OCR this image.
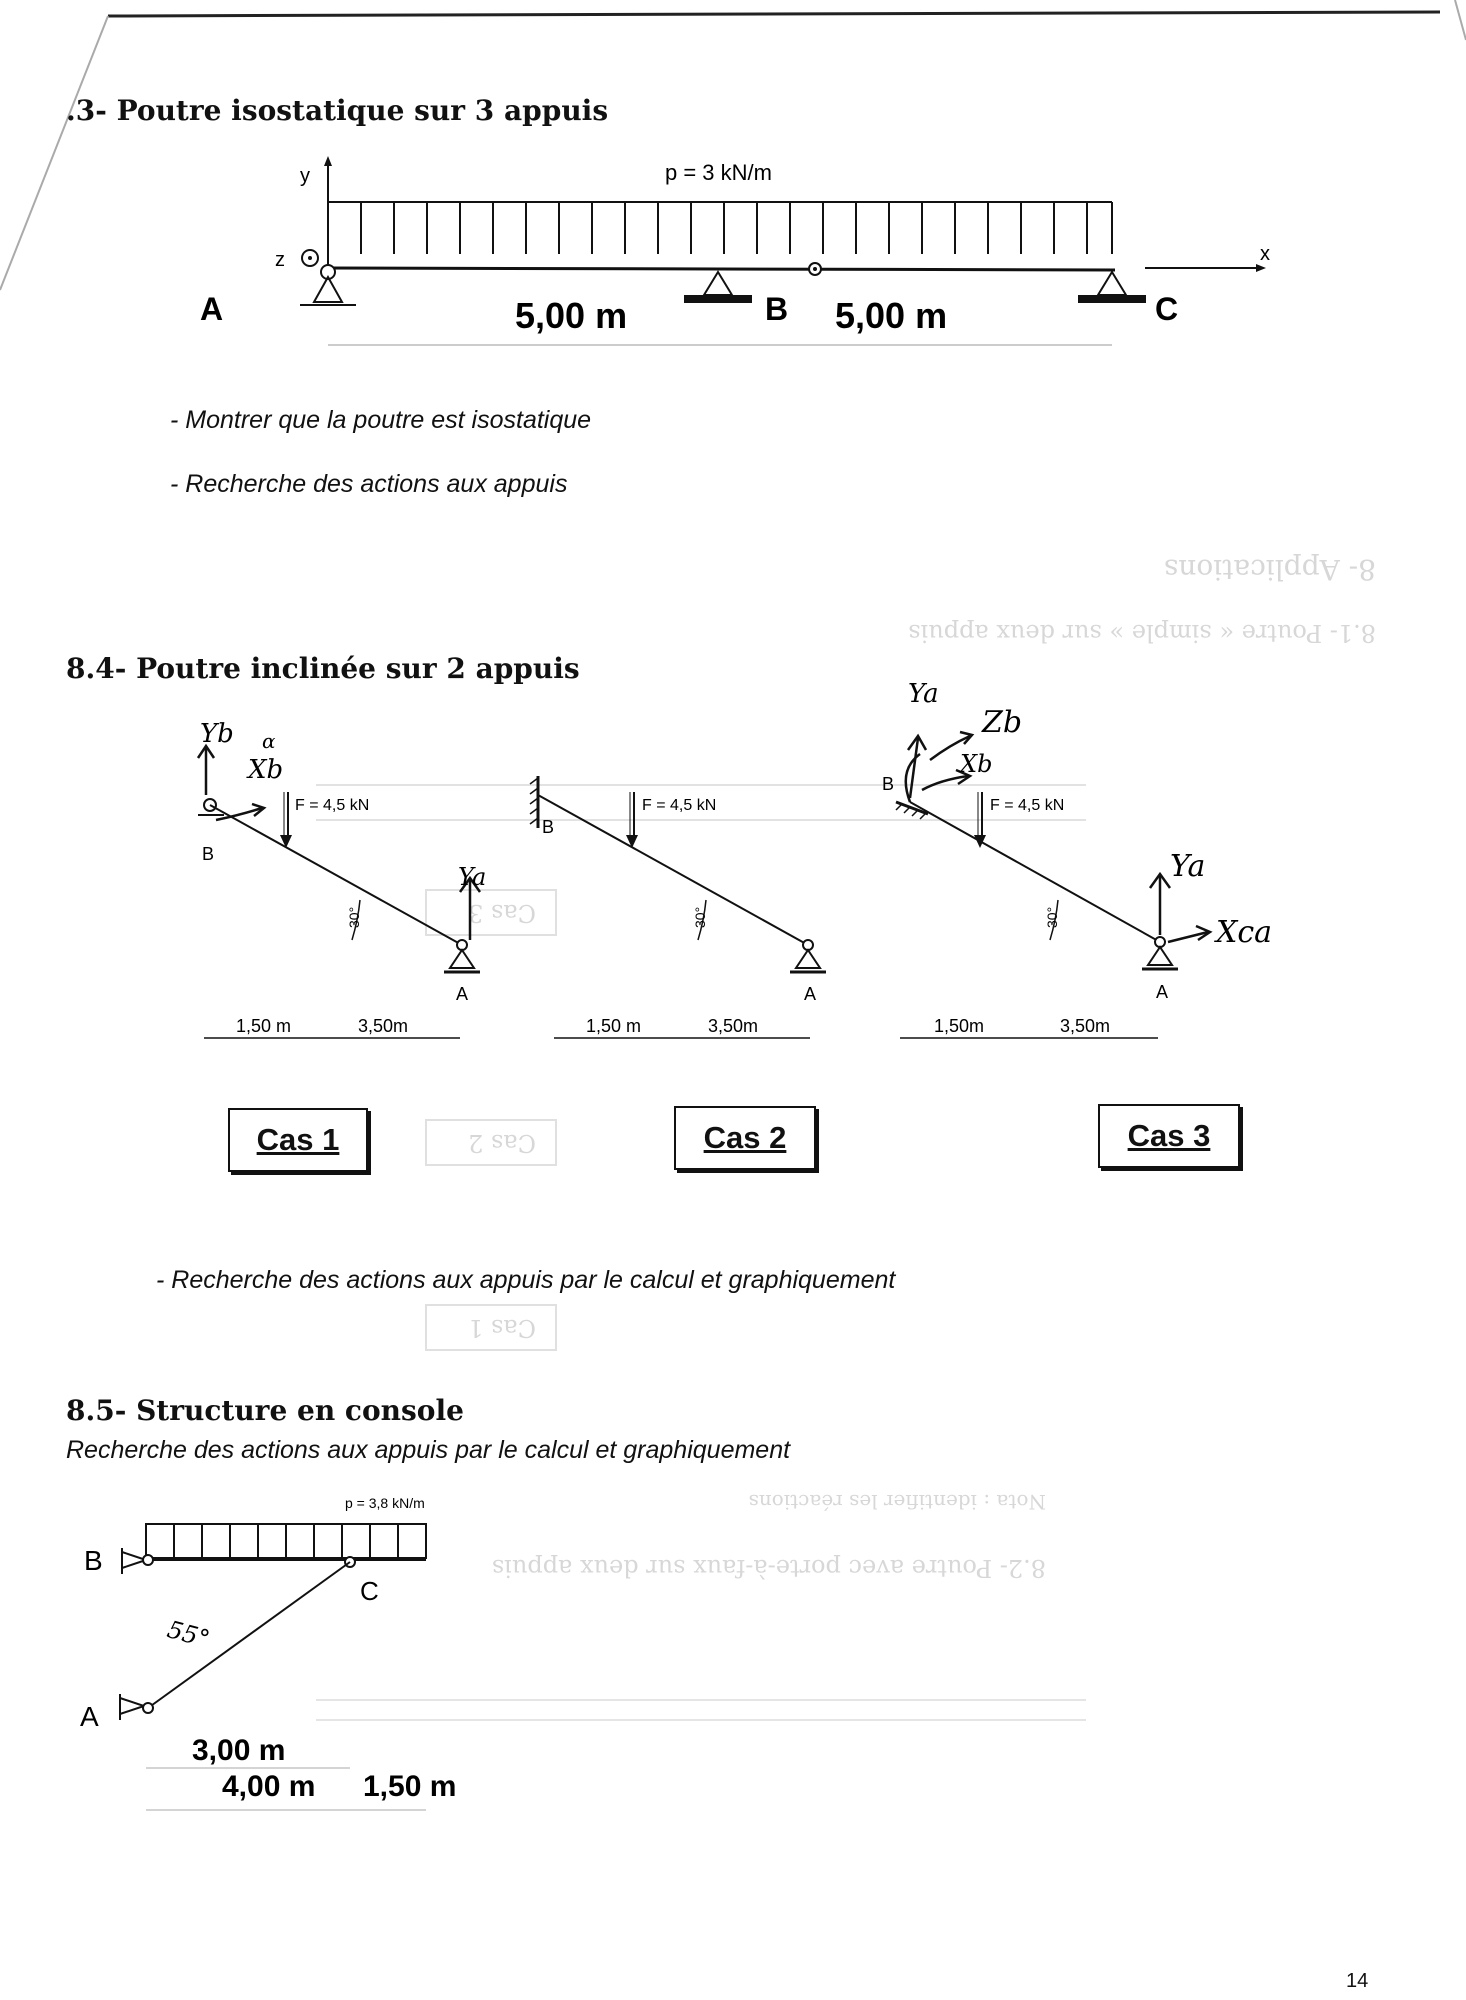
8- Applications
8.1- Poutre « simple » sur deux appuis
8.2- Poutre avec porte-à-faux sur deux appuis
Nota : identifier les réactions
Cas 1
Cas 2
Cas 3
.3- Poutre isostatique sur 3 appuis
y
z
p = 3 kN/m
x
A	B	C
5,00 m	5,00 m
- Montrer que la poutre est isostatique
- Recherche des actions aux appuis
8.4- Poutre inclinée sur 2 appuis
B
F = 4,5 kN
30°
A
1,50 m	3,50m
Yb α
Xb
Ya
B
F = 4,5 kN
30°
A
1,50 m	3,50m
B
F = 4,5 kN
30°
A
1,50m	3,50m
Ya
Zb
Xb
Ya
Xca
Cas 1	Cas 2	Cas 3
- Recherche des actions aux appuis par le calcul et graphiquement
8.5- Structure en console
Recherche des actions aux appuis par le calcul et graphiquement
p = 3,8 kN/m
B
C
A
55°
3,00 m
4,00 m 1,50 m
14
